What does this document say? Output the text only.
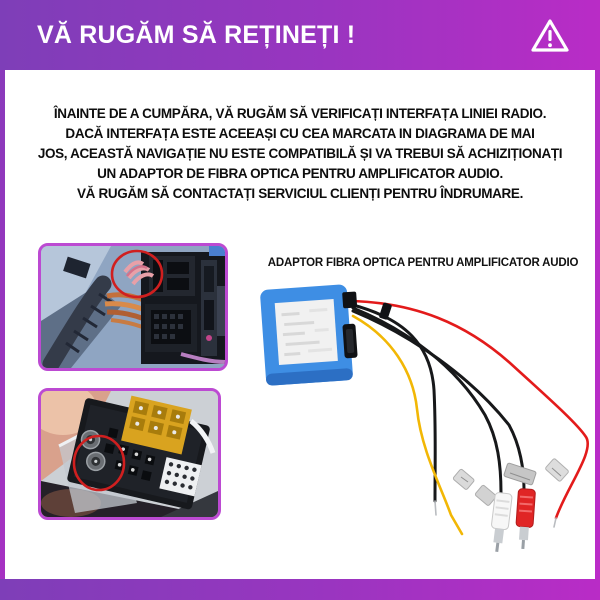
VĂ RUGĂM SĂ REȚINEȚI !
ÎNAINTE DE A CUMPĂRA, VĂ RUGĂM SĂ VERIFICAȚI INTERFAȚA LINIEI RADIO.
DACĂ INTERFAȚA ESTE ACEEAȘI CU CEA MARCATA IN DIAGRAMA DE MAI
JOS, ACEASTĂ NAVIGAȚIE NU ESTE COMPATIBILĂ ȘI VA TREBUI SĂ ACHIZIȚIONAȚI
UN ADAPTOR DE FIBRA OPTICA PENTRU AMPLIFICATOR AUDIO.
VĂ RUGĂM SĂ CONTACTAȚI SERVICIUL CLIENȚI PENTRU ÎNDRUMARE.
ADAPTOR FIBRA OPTICA PENTRU AMPLIFICATOR AUDIO
